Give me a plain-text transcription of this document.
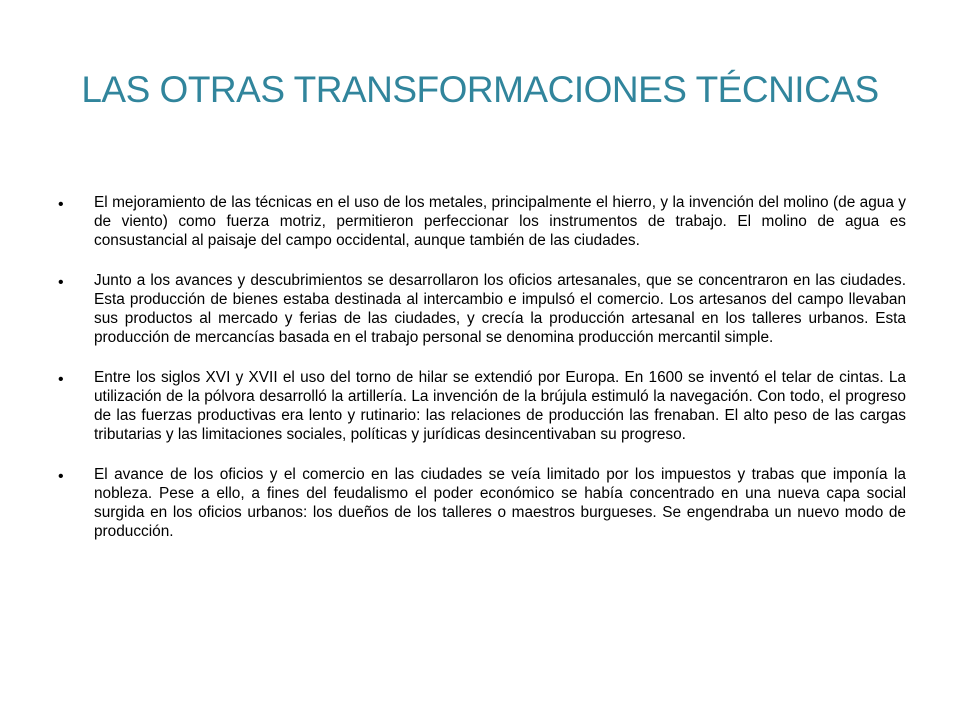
LAS OTRAS TRANSFORMACIONES TÉCNICAS
• El mejoramiento de las técnicas en el uso de los metales, principalmente el hierro, y la invención del molino (de agua y de viento) como fuerza motriz, permitieron perfeccionar los instrumentos de trabajo. El molino de agua es consustancial al paisaje del campo occidental, aunque también de las ciudades.
• Junto a los avances y descubrimientos se desarrollaron los oficios artesanales, que se concentraron en las ciudades. Esta producción de bienes estaba destinada al intercambio e impulsó el comercio. Los artesanos del campo llevaban sus productos al mercado y ferias de las ciudades, y crecía la producción artesanal en los talleres urbanos. Esta producción de mercancías basada en el trabajo personal se denomina producción mercantil simple.
• Entre los siglos XVI y XVII el uso del torno de hilar se extendió por Europa. En 1600 se inventó el telar de cintas. La utilización de la pólvora desarrolló la artillería. La invención de la brújula estimuló la navegación. Con todo, el progreso de las fuerzas productivas era lento y rutinario: las relaciones de producción las frenaban. El alto peso de las cargas tributarias y las limitaciones sociales, políticas y jurídicas desincentivaban su progreso.
• El avance de los oficios y el comercio en las ciudades se veía limitado por los impuestos y trabas que imponía la nobleza. Pese a ello, a fines del feudalismo el poder económico se había concentrado en una nueva capa social surgida en los oficios urbanos: los dueños de los talleres o maestros burgueses. Se engendraba un nuevo modo de producción.
